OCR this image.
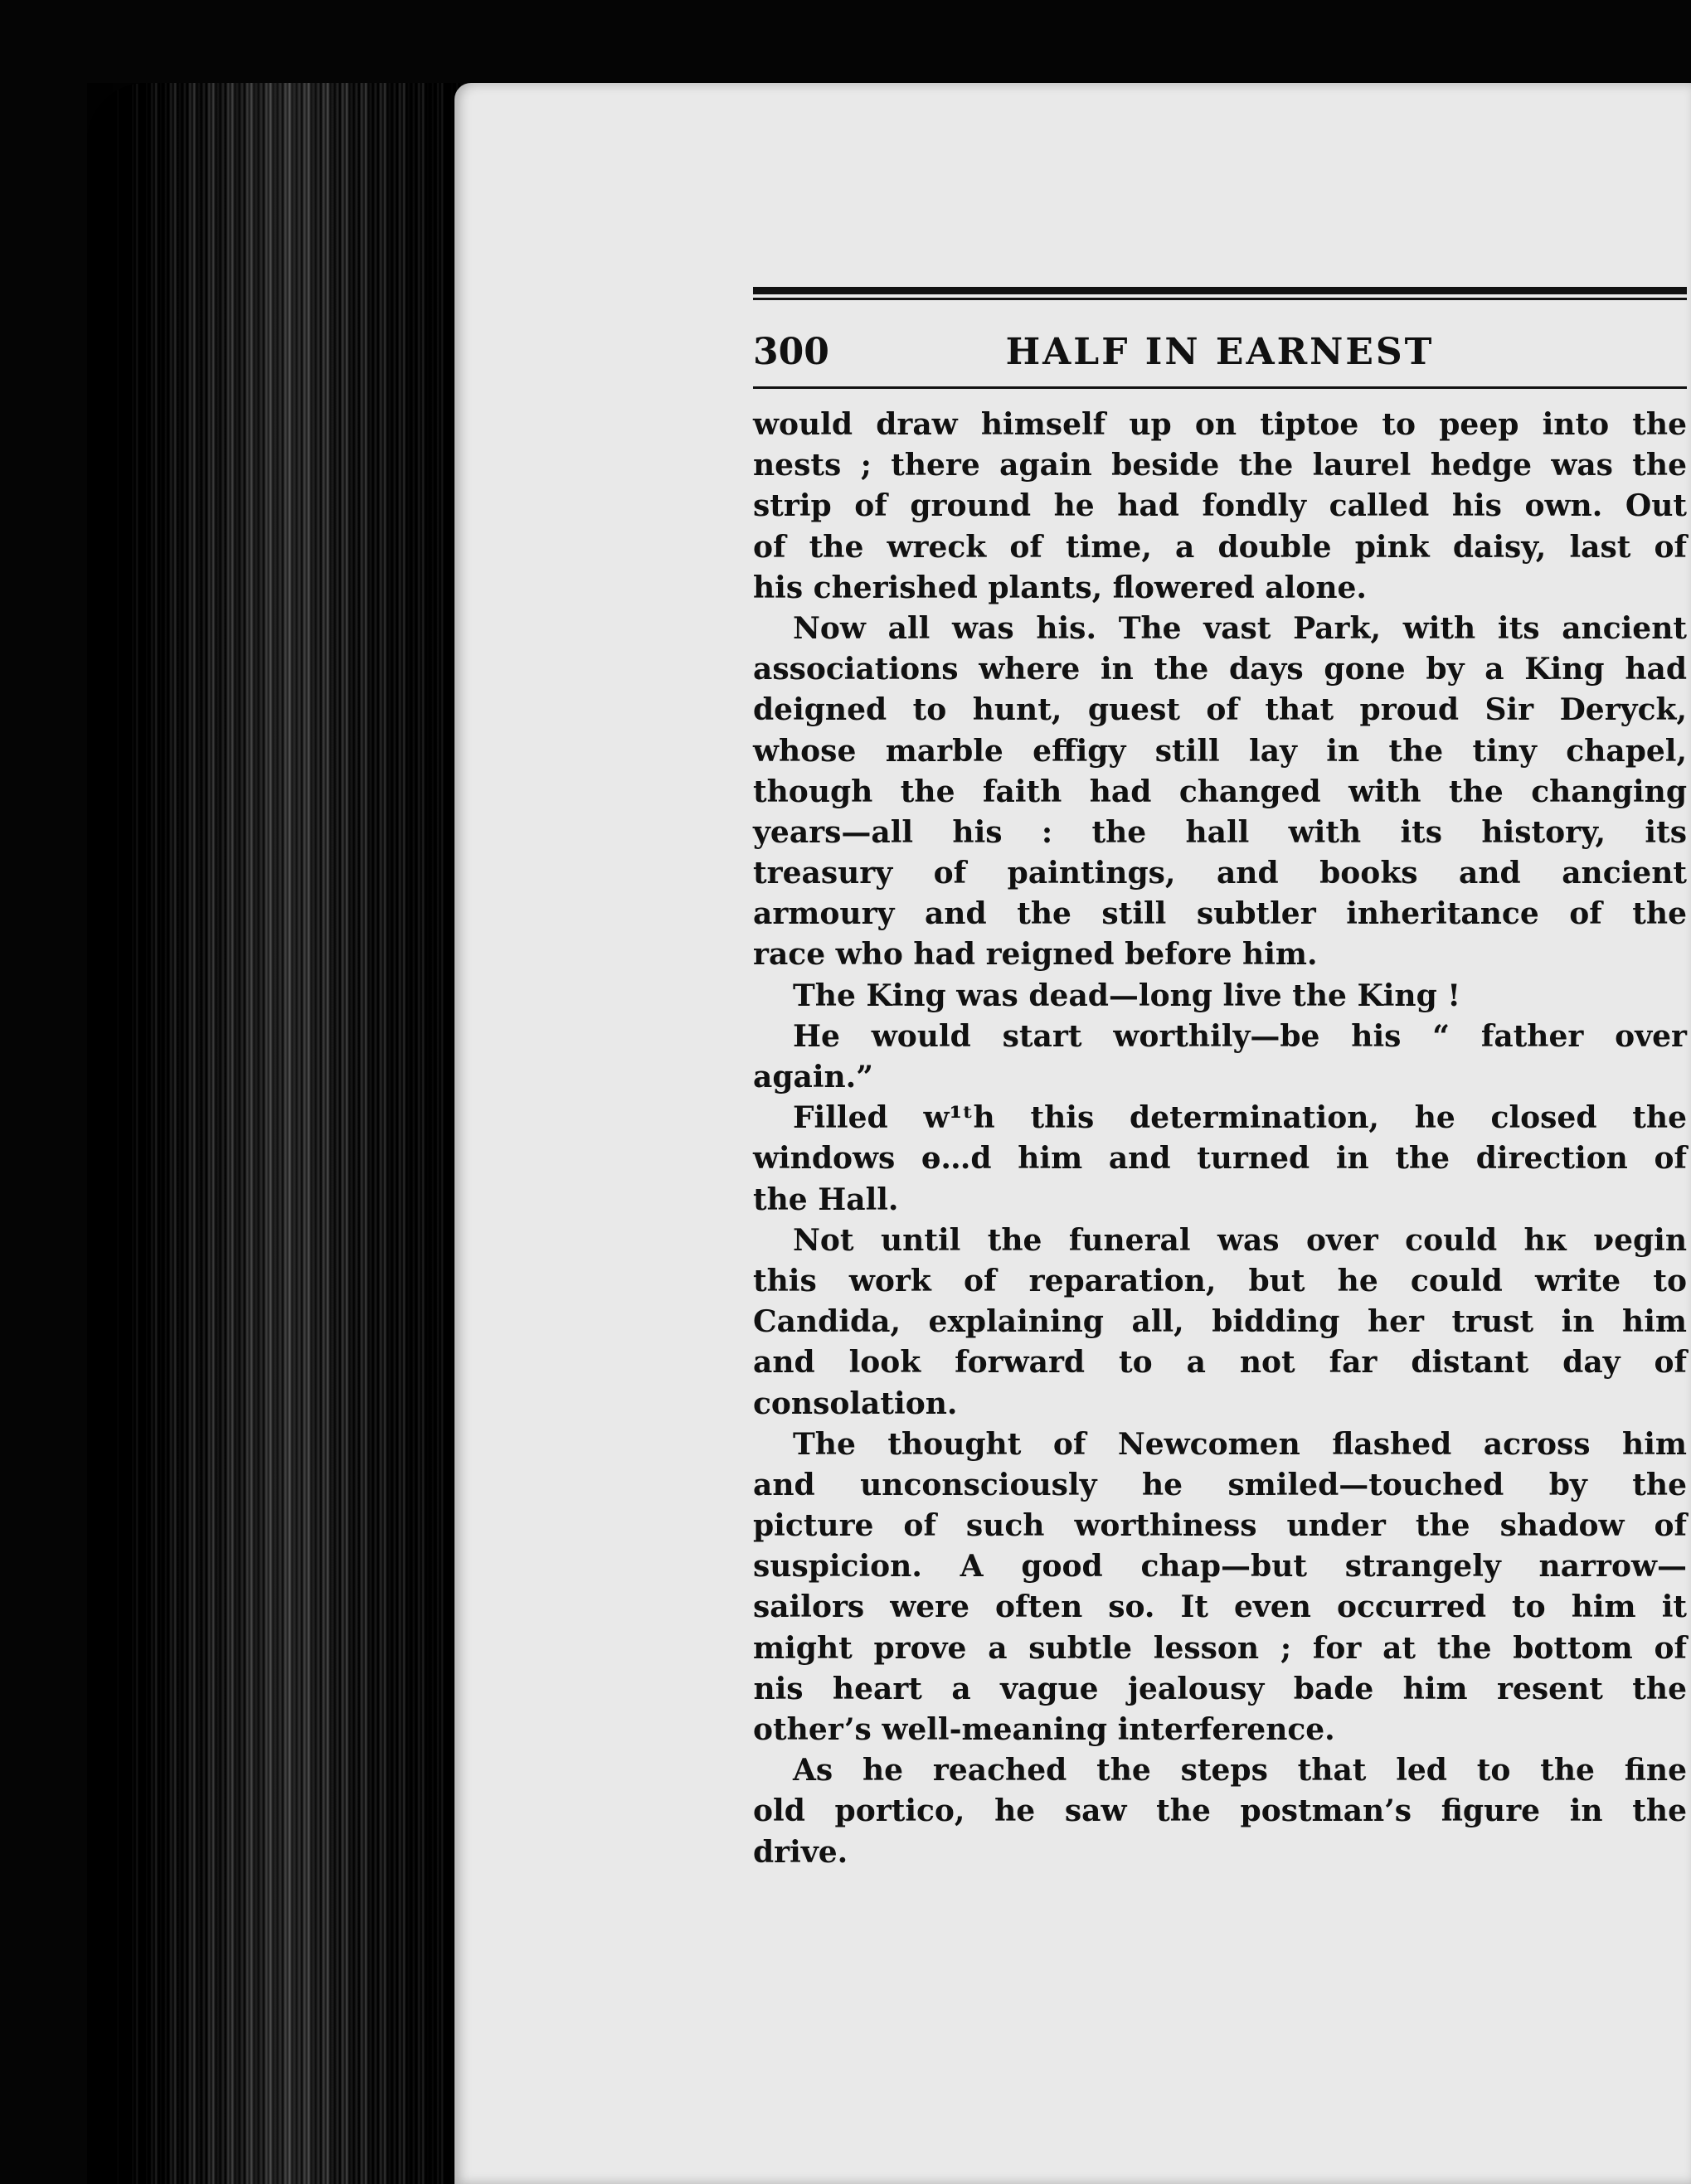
300	HALF IN EARNEST
would draw himself up on tiptoe to peep into the
nests ; there again beside the laurel hedge was the
strip of ground he had fondly called his own. Out
of the wreck of time, a double pink daisy, last of
his cherished plants, flowered alone.
Now all was his. The vast Park, with its ancient
associations where in the days gone by a King had
deigned to hunt, guest of that proud Sir Deryck,
whose marble effigy still lay in the tiny chapel,
though the faith had changed with the changing
years—all his : the hall with its history, its
treasury of paintings, and books and ancient
armoury and the still subtler inheritance of the
race who had reigned before him.
The King was dead—long live the King !
He would start worthily—be his “ father over
again.”
Filled w¹ᵗh this determination, he closed the
windows ѳ…d him and turned in the direction of
the Hall.
Not until the funeral was over could hĸ νegin
this work of reparation, but he could write to
Candida, explaining all, bidding her trust in him
and look forward to a not far distant day of
consolation.
The thought of Newcomen flashed across him
and unconsciously he smiled—touched by the
picture of such worthiness under the shadow of
suspicion. A good chap—but strangely narrow—
sailors were often so. It even occurred to him it
might prove a subtle lesson ; for at the bottom of
ոis heart a vague jealousy bade him resent the
other’s well-meaning interference.
As he reached the steps that led to the fine
old portico, he saw the postman’s figure in the
drive.
